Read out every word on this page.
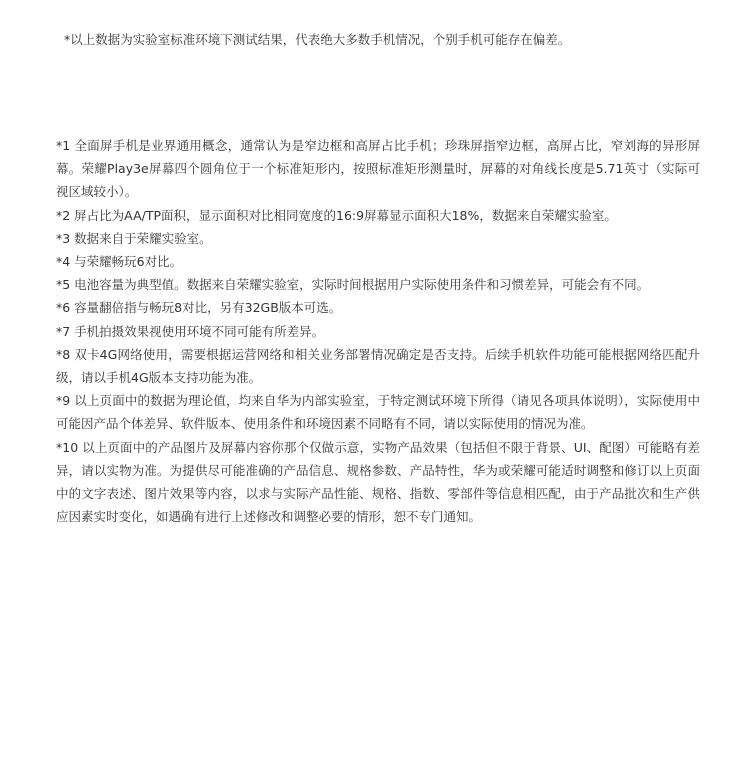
*以上数据为实验室标准环境下测试结果，代表绝大多数手机情况，个别手机可能存在偏差。

*1 全面屏手机是业界通用概念，通常认为是窄边框和高屏占比手机；珍珠屏指窄边框，高屏占比，窄刘海的异形屏幕。荣耀Play3e屏幕四个圆角位于一个标准矩形内，按照标准矩形测量时，屏幕的对角线长度是5.71英寸（实际可视区域较小）。

*2 屏占比为AA/TP面积，显示面积对比相同宽度的16:9屏幕显示面积大18%，数据来自荣耀实验室。

*3 数据来自于荣耀实验室。

*4 与荣耀畅玩6对比。

*5 电池容量为典型值。数据来自荣耀实验室，实际时间根据用户实际使用条件和习惯差异，可能会有不同。

*6 容量翻倍指与畅玩8对比，另有32GB版本可选。

*7 手机拍摄效果视使用环境不同可能有所差异。

*8 双卡4G网络使用，需要根据运营网络和相关业务部署情况确定是否支持。后续手机软件功能可能根据网络匹配升级，请以手机4G版本支持功能为准。

*9 以上页面中的数据为理论值，均来自华为内部实验室，于特定测试环境下所得（请见各项具体说明），实际使用中可能因产品个体差异、软件版本、使用条件和环境因素不同略有不同，请以实际使用的情况为准。

*10 以上页面中的产品图片及屏幕内容你那个仅做示意，实物产品效果（包括但不限于背景、UI、配图）可能略有差异，请以实物为准。为提供尽可能准确的产品信息、规格参数、产品特性，华为或荣耀可能适时调整和修订以上页面中的文字表述、图片效果等内容，以求与实际产品性能、规格、指数、零部件等信息相匹配，由于产品批次和生产供应因素实时变化，如遇确有进行上述修改和调整必要的情形，恕不专门通知。
